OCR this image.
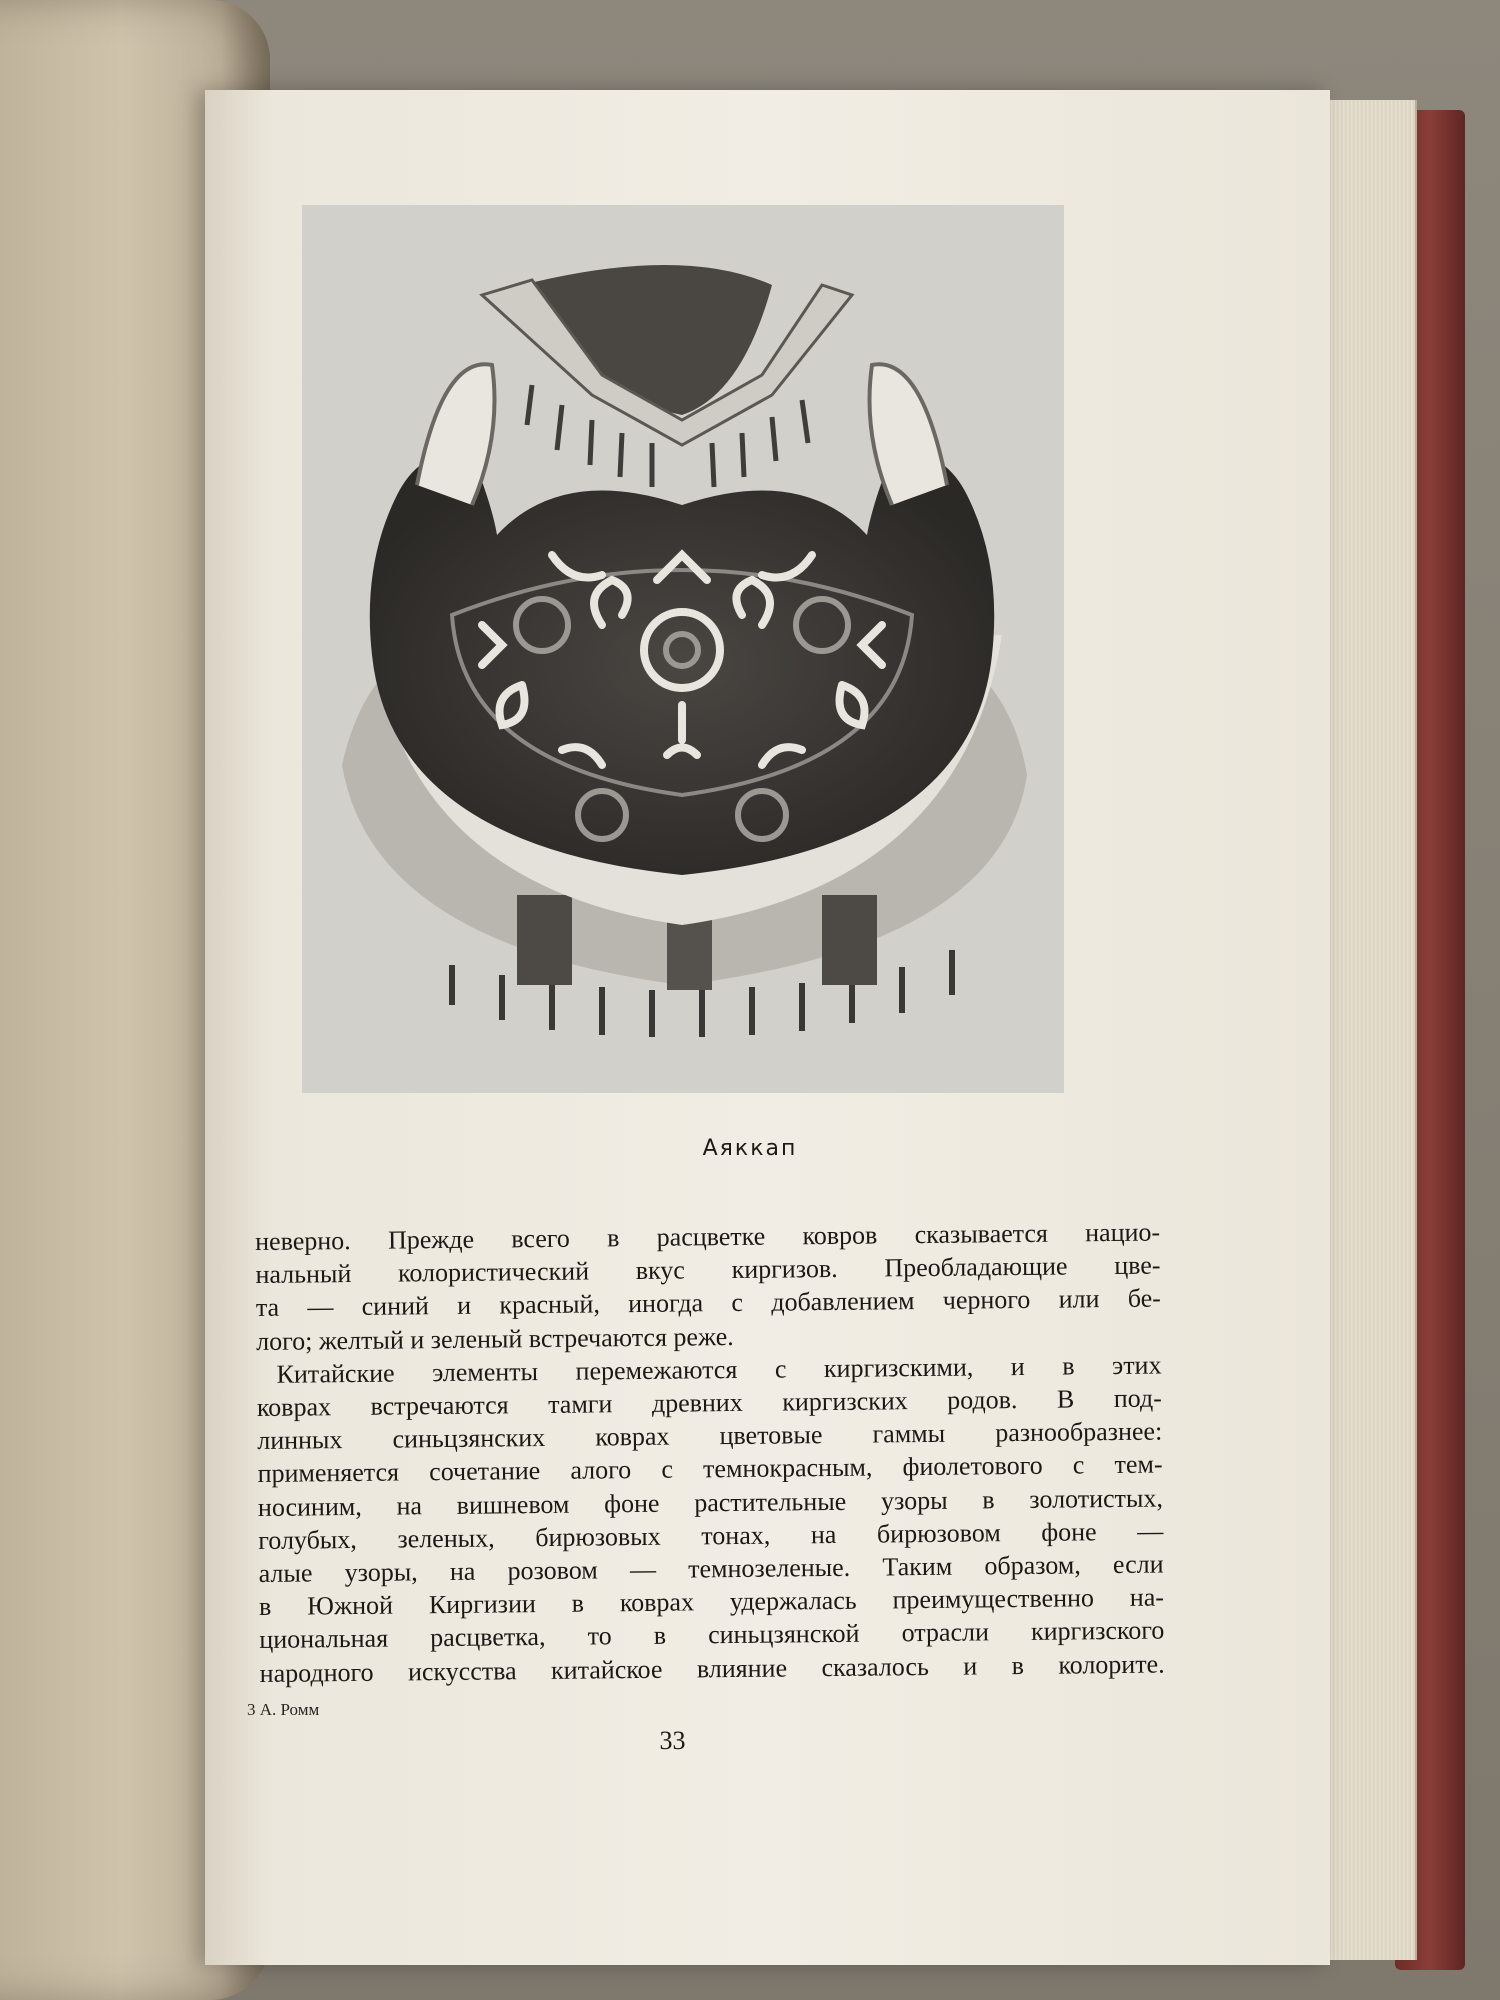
Аяккап
неверно. Прежде всего в расцветке ковров сказывается нацио-
нальный колористический вкус киргизов. Преобладающие цве-
та — синий и красный, иногда с добавлением черного или бе-
лого; желтый и зеленый встречаются реже.
Китайские элементы перемежаются с киргизскими, и в этих
коврах встречаются тамги древних киргизских родов. В под-
линных синьцзянских коврах цветовые гаммы разнообразнее:
применяется сочетание алого с темнокрасным, фиолетового с тем-
носиним, на вишневом фоне растительные узоры в золотистых,
голубых, зеленых, бирюзовых тонах, на бирюзовом фоне —
алые узоры, на розовом — темнозеленые. Таким образом, если
в Южной Киргизии в коврах удержалась преимущественно на-
циональная расцветка, то в синьцзянской отрасли киргизского
народного искусства китайское влияние сказалось и в колорите.
3 А. Ромм
33
